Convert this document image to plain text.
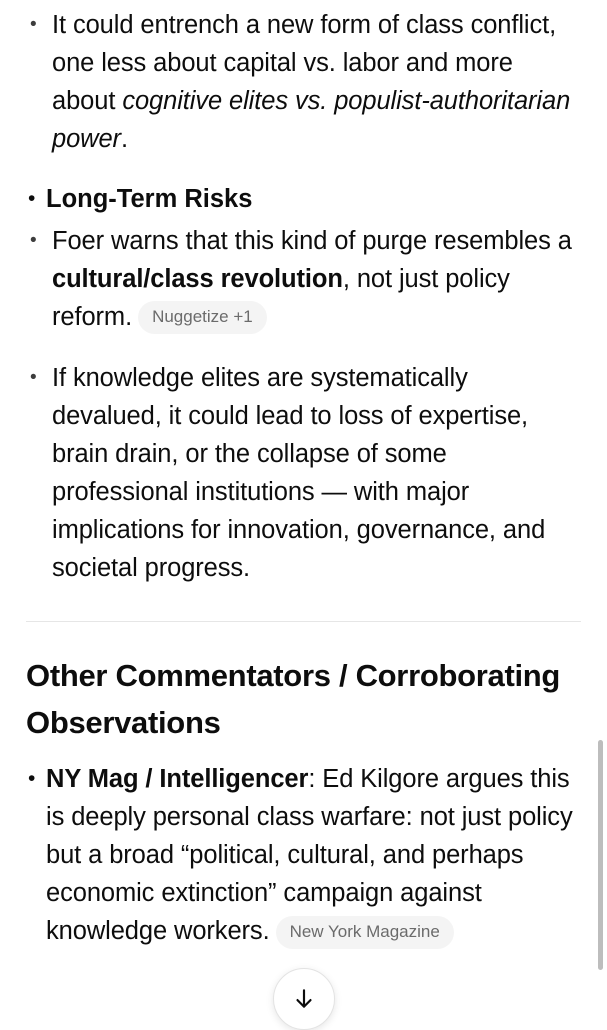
• It could entrench a new form of class conflict, one less about capital vs. labor and more about cognitive elites vs. populist-authoritarian power.
• Long-Term Risks
• Foer warns that this kind of purge resembles a cultural/class revolution, not just policy reform. Nuggetize +1
• If knowledge elites are systematically devalued, it could lead to loss of expertise, brain drain, or the collapse of some professional institutions — with major implications for innovation, governance, and societal progress.
Other Commentators / Corroborating Observations
• NY Mag / Intelligencer: Ed Kilgore argues this is deeply personal class warfare: not just policy but a broad “political, cultural, and perhaps economic extinction” campaign against knowledge workers. New York Magazine
